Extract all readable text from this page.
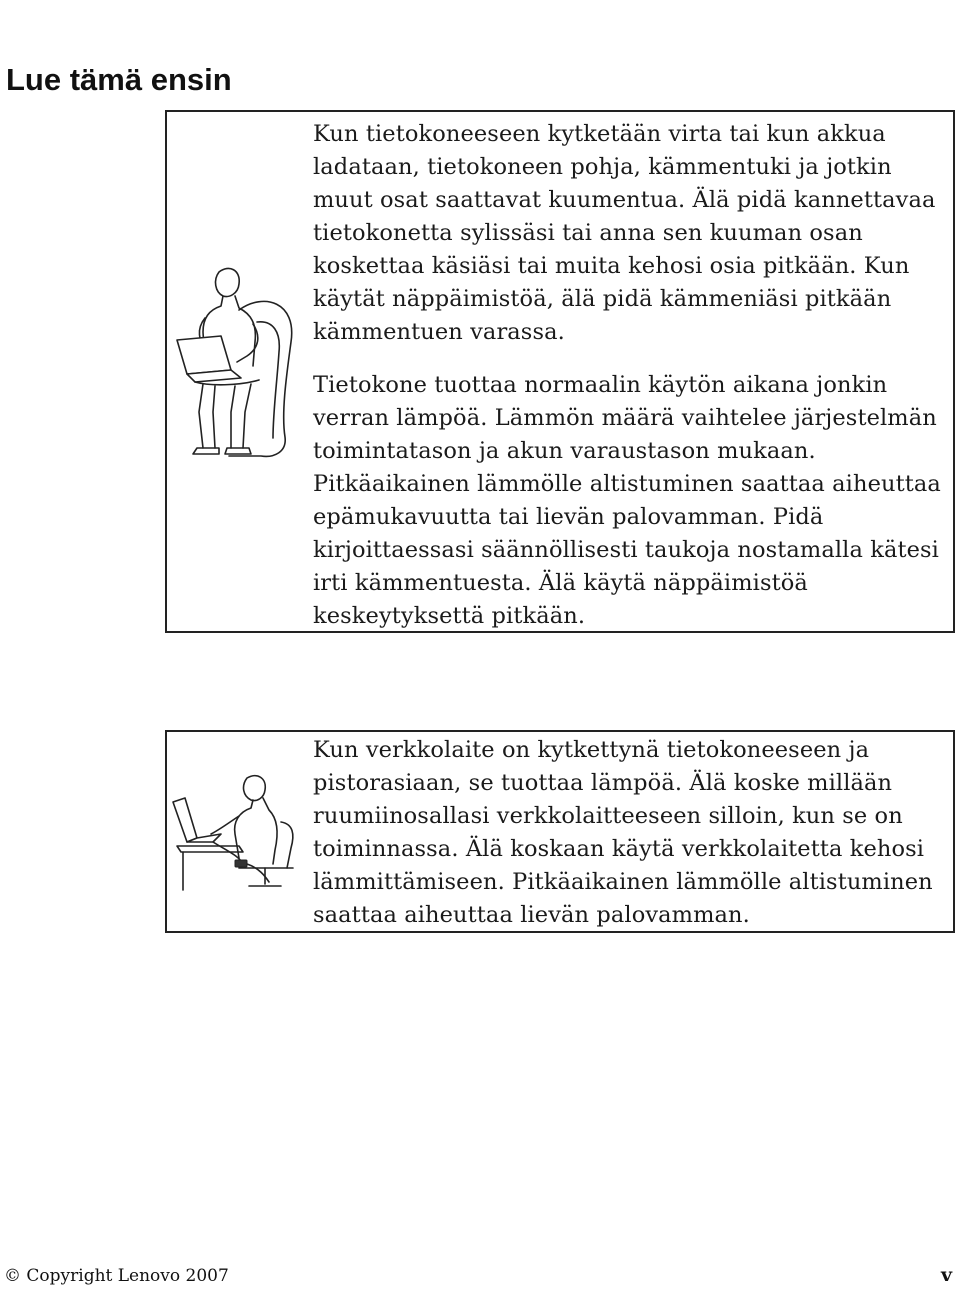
Lue tämä ensin

Kun tietokoneeseen kytketään virta tai kun akkua ladataan, tietokoneen pohja, kämmentuki ja jotkin muut osat saattavat kuumentua. Älä pidä kannettavaa tietokonetta sylissäsi tai anna sen kuuman osan koskettaa käsiäsi tai muita kehosi osia pitkään. Kun käytät näppäimistöä, älä pidä kämmeniäsi pitkään kämmentuen varassa.

Tietokone tuottaa normaalin käytön aikana jonkin verran lämpöä. Lämmön määrä vaihtelee järjestelmän toimintatason ja akun varaustason mukaan. Pitkäaikainen lämmölle altistuminen saattaa aiheuttaa epämukavuutta tai lievän palovamman. Pidä kirjoittaessasi säännöllisesti taukoja nostamalla kätesi irti kämmentuesta. Älä käytä näppäimistöä keskeytyksettä pitkään.

Kun verkkolaite on kytkettynä tietokoneeseen ja pistorasiaan, se tuottaa lämpöä. Älä koske millään ruumiinosallasi verkkolaitteeseen silloin, kun se on toiminnassa. Älä koskaan käytä verkkolaitetta kehosi lämmittämiseen. Pitkäaikainen lämmölle altistuminen saattaa aiheuttaa lievän palovamman.

© Copyright Lenovo 2007	v
